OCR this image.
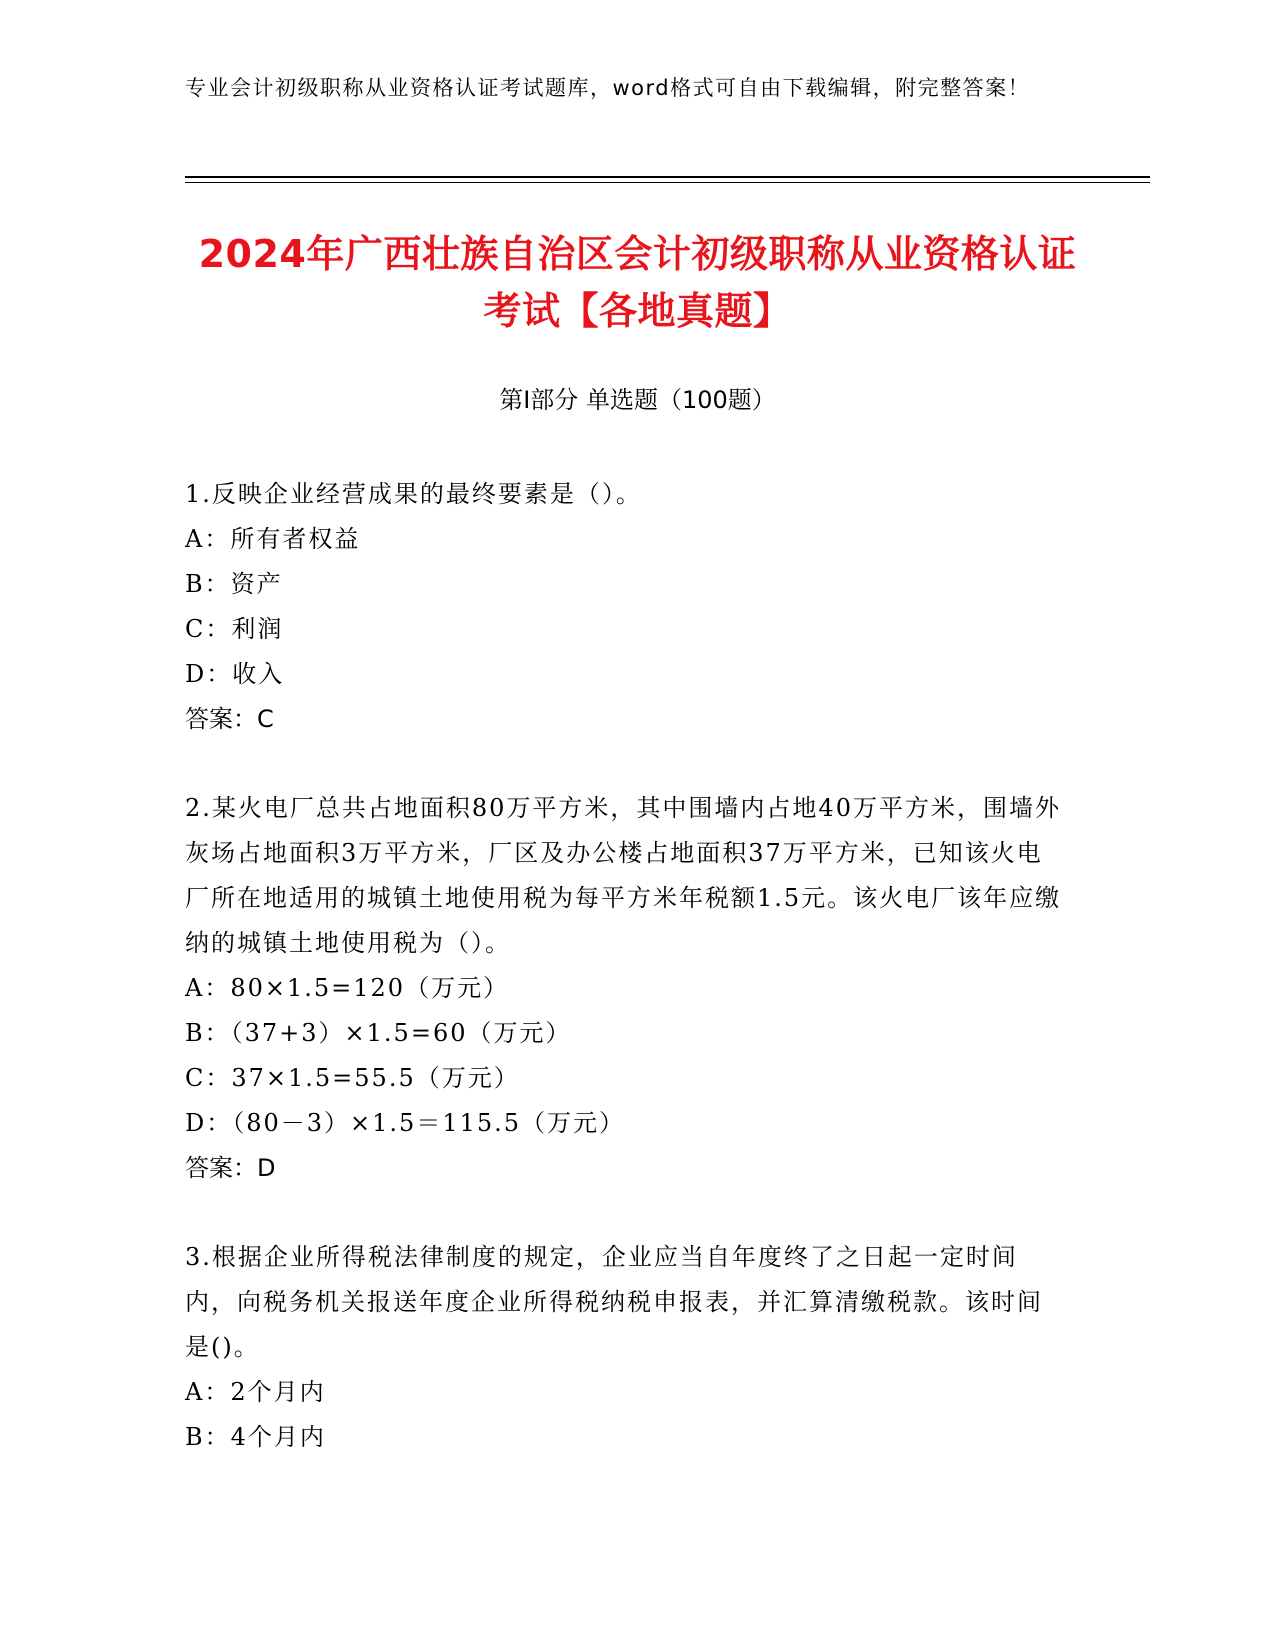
专业会计初级职称从业资格认证考试题库，word格式可自由下载编辑，附完整答案！
2024年广西壮族自治区会计初级职称从业资格认证考试【各地真题】
第Ⅰ部分 单选题（100题）
1.反映企业经营成果的最终要素是（）。
A：所有者权益
B：资产
C：利润
D：收入
答案：C
2.某火电厂总共占地面积80万平方米，其中围墙内占地40万平方米，围墙外灰场占地面积3万平方米，厂区及办公楼占地面积37万平方米，已知该火电厂所在地适用的城镇土地使用税为每平方米年税额1.5元。该火电厂该年应缴纳的城镇土地使用税为（）。
A：80×1.5=120（万元）
B：（37+3）×1.5=60（万元）
C：37×1.5=55.5（万元）
D：（80－3）×1.5＝115.5（万元）
答案：D
3.根据企业所得税法律制度的规定，企业应当自年度终了之日起一定时间内，向税务机关报送年度企业所得税纳税申报表，并汇算清缴税款。该时间是()。
A：2个月内
B：4个月内
